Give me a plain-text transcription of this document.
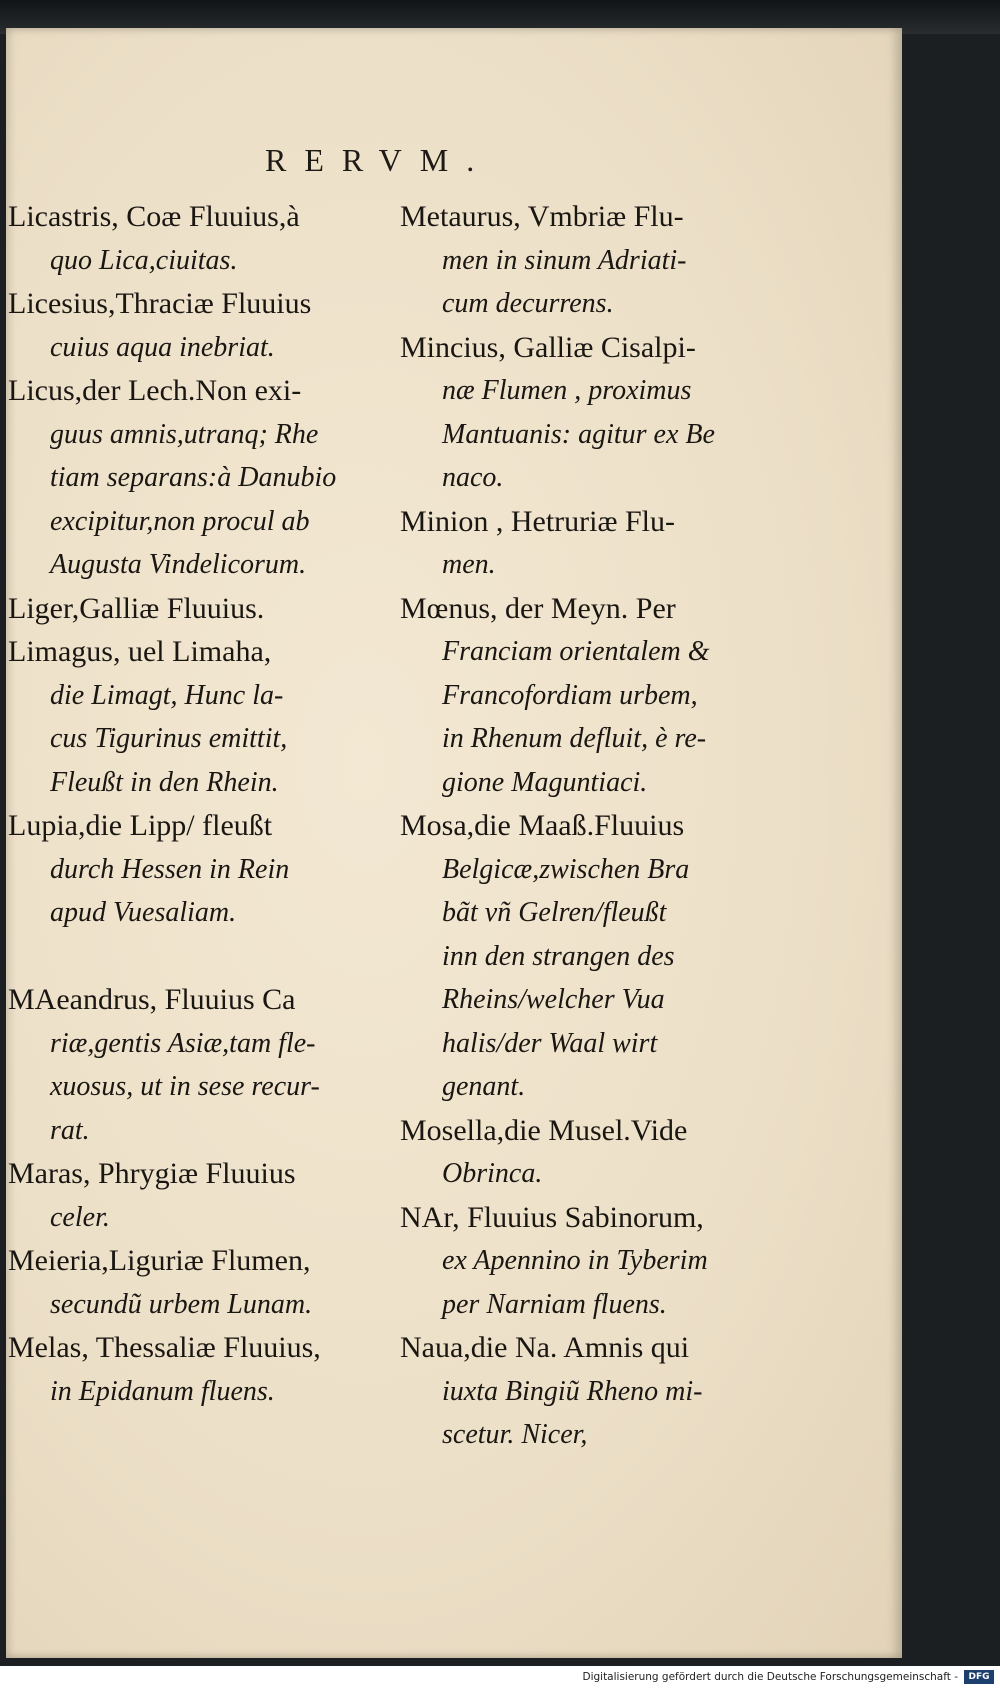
RERVM.
Licastris, Coæ Fluuius,à
quo Lica,ciuitas.
Licesius,Thraciæ Fluuius
cuius aqua inebriat.
Licus,der Lech.Non exi-
guus amnis,utranq; Rhe
tiam separans:à Danubio
excipitur,non procul ab
Augusta Vindelicorum.
Liger,Galliæ Fluuius.
Limagus, uel Limaha,
die Limagt, Hunc la-
cus Tigurinus emittit,
Fleußt in den Rhein.
Lupia,die Lipp/ fleußt
durch Hessen in Rein
apud Vuesaliam.
MAeandrus, Fluuius Ca
riæ,gentis Asiæ,tam fle-
xuosus, ut in sese recur-
rat.
Maras, Phrygiæ Fluuius
celer.
Meieria,Liguriæ Flumen,
secundũ urbem Lunam.
Melas, Thessaliæ Fluuius,
in Epidanum fluens.
Metaurus, Vmbriæ Flu-
men in sinum Adriati-
cum decurrens.
Mincius, Galliæ Cisalpi-
næ Flumen , proximus
Mantuanis: agitur ex Be
naco.
Minion , Hetruriæ Flu-
men.
Mœnus, der Meyn. Per
Franciam orientalem &
Francofordiam urbem,
in Rhenum defluit, è re-
gione Maguntiaci.
Mosa,die Maaß.Fluuius
Belgicæ,zwischen Bra
bãt vñ Gelren/fleußt
inn den strangen des
Rheins/welcher Vua
halis/der Waal wirt
genant.
Mosella,die Musel.Vide
Obrinca.
NAr, Fluuius Sabinorum,
ex Apennino in Tyberim
per Narniam fluens.
Naua,die Na. Amnis qui
iuxta Bingiũ Rheno mi-
scetur. Nicer,
Digitalisierung gefördert durch die Deutsche Forschungsgemeinschaft -	DFG
